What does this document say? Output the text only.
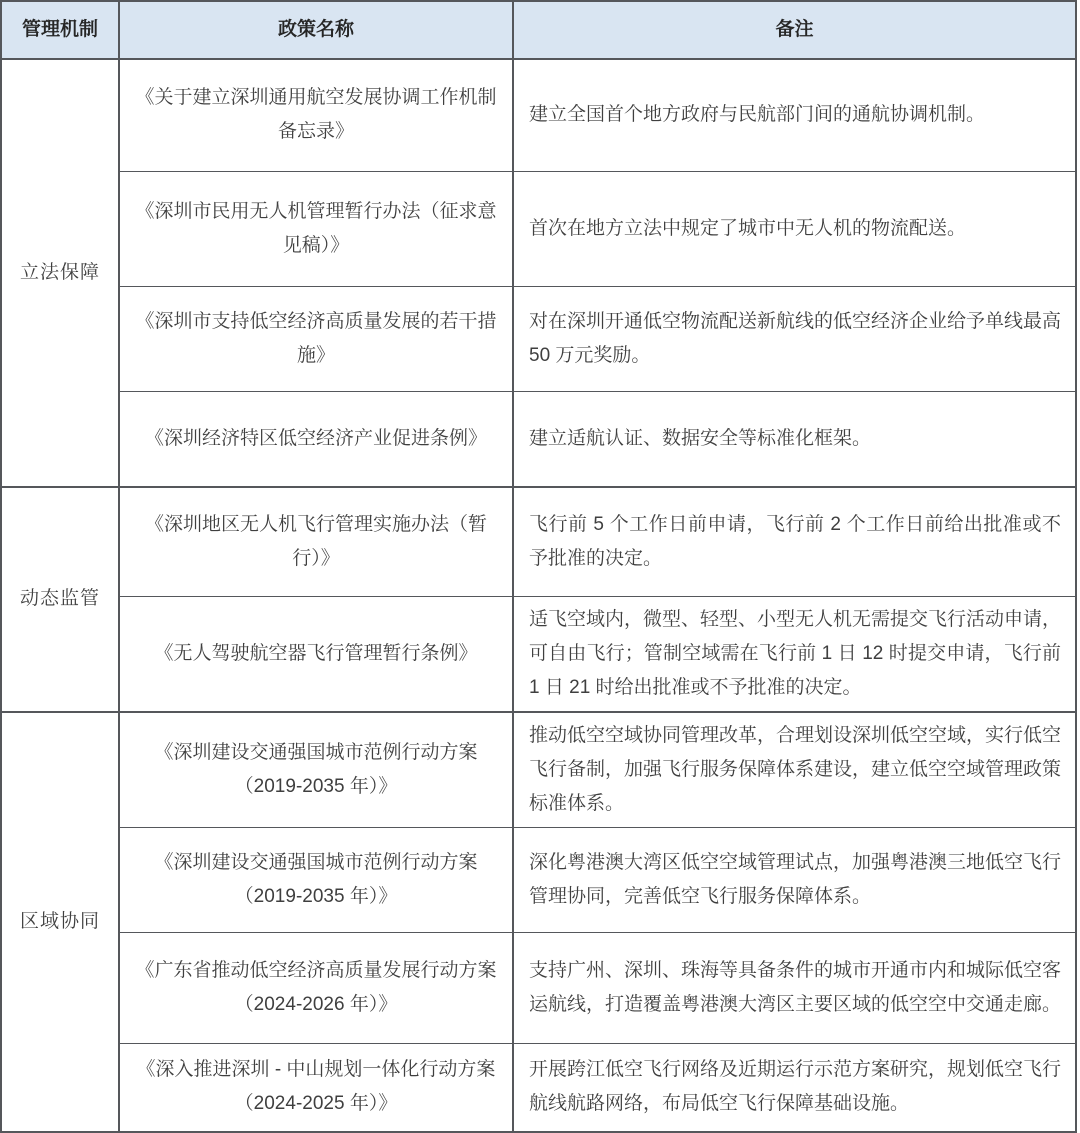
管理机制	政策名称	备注
立法保障	《关于建立深圳通用航空发展协调工作机制备忘录》	建立全国首个地方政府与民航部门间的通航协调机制。
	《深圳市民用无人机管理暂行办法（征求意见稿）》	首次在地方立法中规定了城市中无人机的物流配送。
	《深圳市支持低空经济高质量发展的若干措施》	对在深圳开通低空物流配送新航线的低空经济企业给予单线最高 50 万元奖励。
	《深圳经济特区低空经济产业促进条例》	建立适航认证、数据安全等标准化框架。
动态监管	《深圳地区无人机飞行管理实施办法（暂行）》	飞行前 5 个工作日前申请，飞行前 2 个工作日前给出批准或不予批准的决定。
	《无人驾驶航空器飞行管理暂行条例》	适飞空域内，微型、轻型、小型无人机无需提交飞行活动申请，可自由飞行；管制空域需在飞行前 1 日 12 时提交申请，飞行前 1 日 21 时给出批准或不予批准的决定。
区域协同	《深圳建设交通强国城市范例行动方案（2019-2035 年）》	推动低空空域协同管理改革，合理划设深圳低空空域，实行低空飞行备制，加强飞行服务保障体系建设，建立低空空域管理政策标准体系。
	《深圳建设交通强国城市范例行动方案（2019-2035 年）》	深化粤港澳大湾区低空空域管理试点，加强粤港澳三地低空飞行管理协同，完善低空飞行服务保障体系。
	《广东省推动低空经济高质量发展行动方案（2024-2026 年）》	支持广州、深圳、珠海等具备条件的城市开通市内和城际低空客运航线，打造覆盖粤港澳大湾区主要区域的低空空中交通走廊。
	《深入推进深圳 - 中山规划一体化行动方案（2024-2025 年）》	开展跨江低空飞行网络及近期运行示范方案研究，规划低空飞行航线航路网络，布局低空飞行保障基础设施。
